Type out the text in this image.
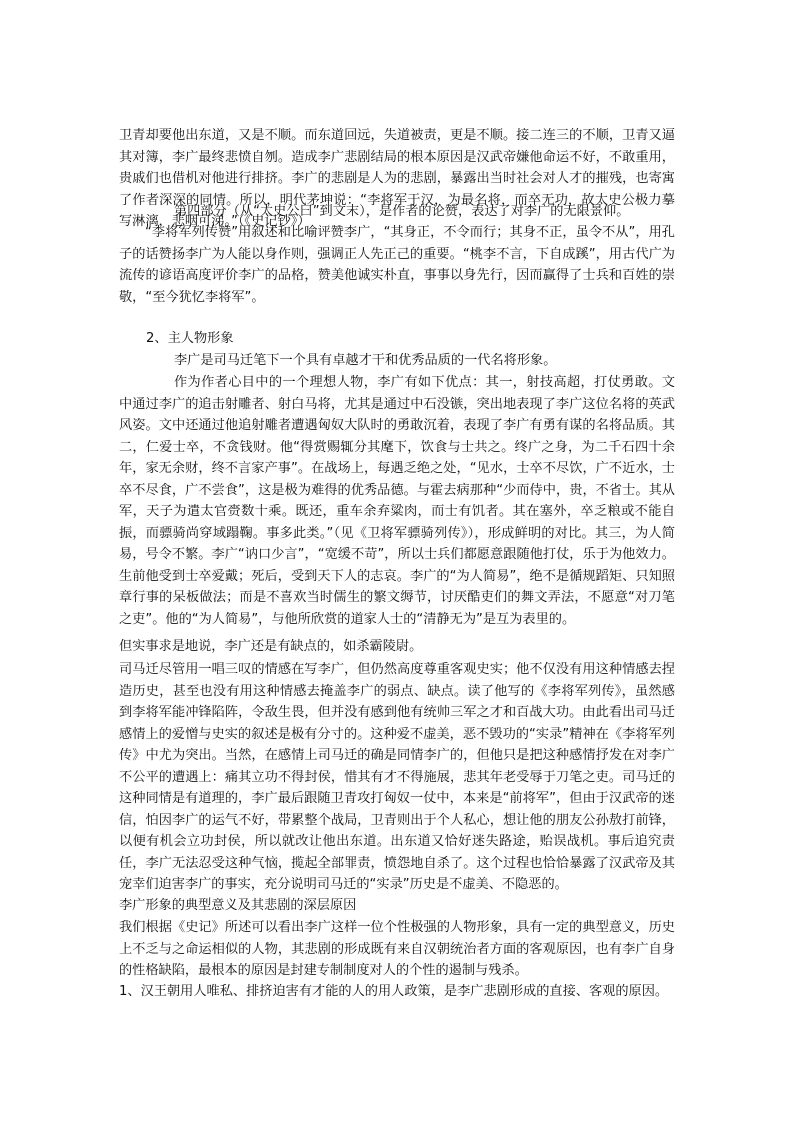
卫青却要他出东道，又是不顺。而东道回远，失道被责，更是不顺。接二连三的不顺，卫青又逼其对簿，李广最终悲愤自刎。造成李广悲剧结局的根本原因是汉武帝嫌他命运不好，不敢重用，贵戚们也借机对他进行排挤。李广的悲剧是人为的悲剧，暴露出当时社会对人才的摧残，也寄寓了作者深深的同情。所以，明代茅坤说：“李将军于汉，为最名将，而卒无功，故太史公极力摹写淋漓，悲咽可涕。”（《史记钞》）

第四部分（从“太史公曰”到文末），是作者的论赞，表达了对李广的无限景仰。

“李将军列传赞”用叙述和比喻评赞李广，“其身正，不令而行；其身不正，虽令不从”，用孔子的话赞扬李广为人能以身作则，强调正人先正己的重要。“桃李不言，下自成蹊”，用古代广为流传的谚语高度评价李广的品格，赞美他诚实朴直，事事以身先行，因而赢得了士兵和百姓的崇敬，“至今犹忆李将军”。

2、主人物形象

李广是司马迁笔下一个具有卓越才干和优秀品质的一代名将形象。

作为作者心目中的一个理想人物，李广有如下优点：其一，射技高超，打仗勇敢。文中通过李广的追击射雕者、射白马将，尤其是通过中石没镞，突出地表现了李广这位名将的英武风姿。文中还通过他追射雕者遭遇匈奴大队时的勇敢沉着，表现了李广有勇有谋的名将品质。其二，仁爱士卒，不贪钱财。他“得赏赐辄分其麾下，饮食与士共之。终广之身，为二千石四十余年，家无余财，终不言家产事”。在战场上，每遇乏绝之处，“见水，士卒不尽饮，广不近水，士卒不尽食，广不尝食”，这是极为难得的优秀品德。与霍去病那种“少而侍中，贵，不省士。其从军，天子为遣太官赍数十乘。既还，重车余弃粱肉，而士有饥者。其在塞外，卒乏粮或不能自振，而骠骑尚穿域蹋鞠。事多此类。”（见《卫将军骠骑列传》），形成鲜明的对比。其三，为人简易，号令不繁。李广“讷口少言”，“宽缓不苛”，所以士兵们都愿意跟随他打仗，乐于为他效力。生前他受到士卒爱戴；死后，受到天下人的志哀。李广的“为人简易”，绝不是循规蹈矩、只知照章行事的呆板做法；而是不喜欢当时儒生的繁文缛节，讨厌酷吏们的舞文弄法，不愿意“对刀笔之吏”。他的“为人简易”，与他所欣赏的道家人士的“清静无为”是互为表里的。

但实事求是地说，李广还是有缺点的，如杀霸陵尉。

司马迁尽管用一唱三叹的情感在写李广，但仍然高度尊重客观史实；他不仅没有用这种情感去捏造历史，甚至也没有用这种情感去掩盖李广的弱点、缺点。读了他写的《李将军列传》，虽然感到李将军能冲锋陷阵，令敌生畏，但并没有感到他有统帅三军之才和百战大功。由此看出司马迁感情上的爱憎与史实的叙述是极有分寸的。这种爱不虚美，恶不毁功的“实录”精神在《李将军列传》中尤为突出。当然，在感情上司马迁的确是同情李广的，但他只是把这种感情抒发在对李广不公平的遭遇上：痛其立功不得封侯，惜其有才不得施展，悲其年老受辱于刀笔之吏。司马迁的这种同情是有道理的，李广最后跟随卫青攻打匈奴一仗中，本来是“前将军”，但由于汉武帝的迷信，怕因李广的运气不好，带累整个战局，卫青则出于个人私心，想让他的朋友公孙敖打前锋，以便有机会立功封侯，所以就改让他出东道。出东道又恰好迷失路途，贻误战机。事后追究责任，李广无法忍受这种气恼，揽起全部罪责，愤怨地自杀了。这个过程也恰恰暴露了汉武帝及其宠幸们迫害李广的事实，充分说明司马迁的“实录”历史是不虚美、不隐恶的。

李广形象的典型意义及其悲剧的深层原因

我们根据《史记》所述可以看出李广这样一位个性极强的人物形象，具有一定的典型意义，历史上不乏与之命运相似的人物，其悲剧的形成既有来自汉朝统治者方面的客观原因，也有李广自身的性格缺陷，最根本的原因是封建专制制度对人的个性的遏制与残杀。

1、汉王朝用人唯私、排挤迫害有才能的人的用人政策，是李广悲剧形成的直接、客观的原因。
